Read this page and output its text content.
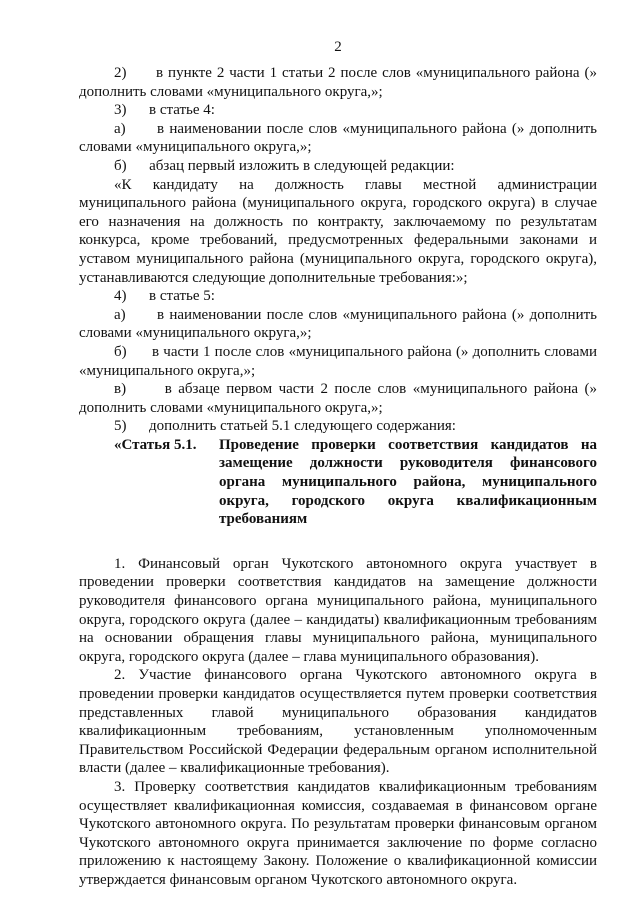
2

2)      в пункте 2 части 1 статьи 2 после слов «муниципального района (» дополнить словами «муниципального округа,»;

3)      в статье 4:

а)      в наименовании после слов «муниципального района (» дополнить словами «муниципального округа,»;

б)      абзац первый изложить в следующей редакции:

«К кандидату на должность главы местной администрации муниципального района (муниципального округа, городского округа) в случае его назначения на должность по контракту, заключаемому по результатам конкурса, кроме требований, предусмотренных федеральными законами и уставом муниципального района (муниципального округа, городского округа), устанавливаются следующие дополнительные требования:»;

4)      в статье 5:

а)      в наименовании после слов «муниципального района (» дополнить словами «муниципального округа,»;

б)      в части 1 после слов «муниципального района (» дополнить словами «муниципального округа,»;

в)      в абзаце первом части 2 после слов «муниципального района (» дополнить словами «муниципального округа,»;

5)      дополнить статьей 5.1 следующего содержания:

«Статья 5.1.	Проведение проверки соответствия кандидатов на замещение должности руководителя финансового органа муниципального района, муниципального округа, городского округа квалификационным требованиям

1. Финансовый орган Чукотского автономного округа участвует в проведении проверки соответствия кандидатов на замещение должности руководителя финансового органа муниципального района, муниципального округа, городского округа (далее – кандидаты) квалификационным требованиям на основании обращения главы муниципального района, муниципального округа, городского округа (далее – глава муниципального образования).

2. Участие финансового органа Чукотского автономного округа в проведении проверки кандидатов осуществляется путем проверки соответствия представленных главой муниципального образования кандидатов квалификационным требованиям, установленным уполномоченным Правительством Российской Федерации федеральным органом исполнительной власти (далее – квалификационные требования).

3. Проверку соответствия кандидатов квалификационным требованиям осуществляет квалификационная комиссия, создаваемая в финансовом органе Чукотского автономного округа. По результатам проверки финансовым органом Чукотского автономного округа принимается заключение по форме согласно приложению к настоящему Закону. Положение о квалификационной комиссии утверждается финансовым органом Чукотского автономного округа.
